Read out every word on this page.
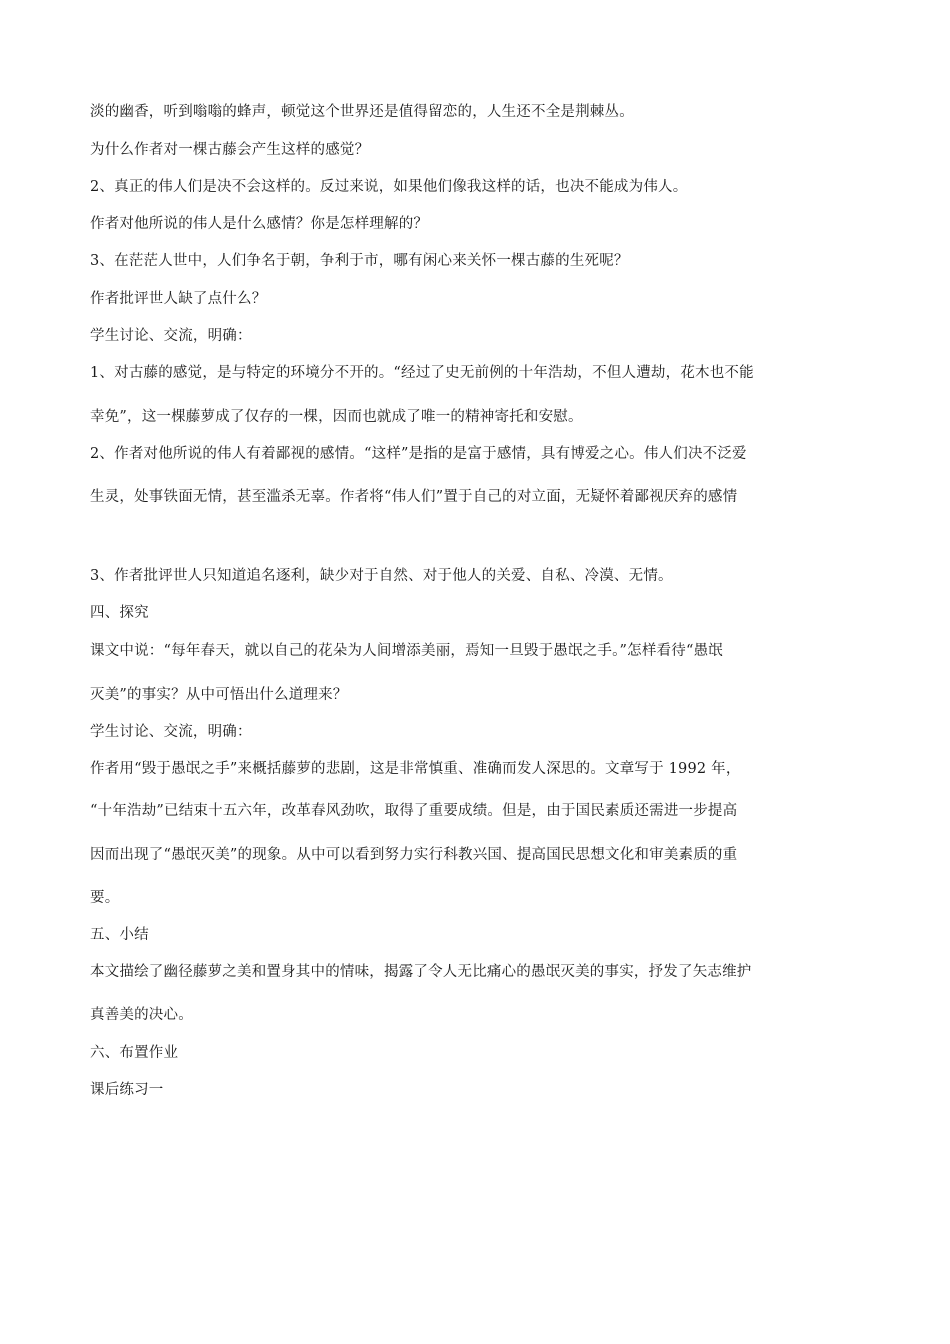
淡的幽香，听到嗡嗡的蜂声，顿觉这个世界还是值得留恋的，人生还不全是荆棘丛。
为什么作者对一棵古藤会产生这样的感觉？
2、真正的伟人们是决不会这样的。反过来说，如果他们像我这样的话，也决不能成为伟人。
作者对他所说的伟人是什么感情？你是怎样理解的？
3、在茫茫人世中，人们争名于朝，争利于市，哪有闲心来关怀一棵古藤的生死呢？
作者批评世人缺了点什么？
学生讨论、交流，明确：
1、对古藤的感觉，是与特定的环境分不开的。“经过了史无前例的十年浩劫，不但人遭劫，花木也不能
幸免”，这一棵藤萝成了仅存的一棵，因而也就成了唯一的精神寄托和安慰。
2、作者对他所说的伟人有着鄙视的感情。“这样”是指的是富于感情，具有博爱之心。伟人们决不泛爱
生灵，处事铁面无情，甚至滥杀无辜。作者将“伟人们”置于自己的对立面，无疑怀着鄙视厌弃的感情
3、作者批评世人只知道追名逐利，缺少对于自然、对于他人的关爱、自私、冷漠、无情。
四、探究
课文中说：“每年春天，就以自己的花朵为人间增添美丽，焉知一旦毁于愚氓之手。”怎样看待“愚氓
灭美”的事实？从中可悟出什么道理来？
学生讨论、交流，明确：
作者用“毁于愚氓之手”来概括藤萝的悲剧，这是非常慎重、准确而发人深思的。文章写于 1992 年，
“十年浩劫”已结束十五六年，改革春风劲吹，取得了重要成绩。但是，由于国民素质还需进一步提高
因而出现了“愚氓灭美”的现象。从中可以看到努力实行科教兴国、提高国民思想文化和审美素质的重
要。
五、小结
本文描绘了幽径藤萝之美和置身其中的情味，揭露了令人无比痛心的愚氓灭美的事实，抒发了矢志维护
真善美的决心。
六、布置作业
课后练习一
